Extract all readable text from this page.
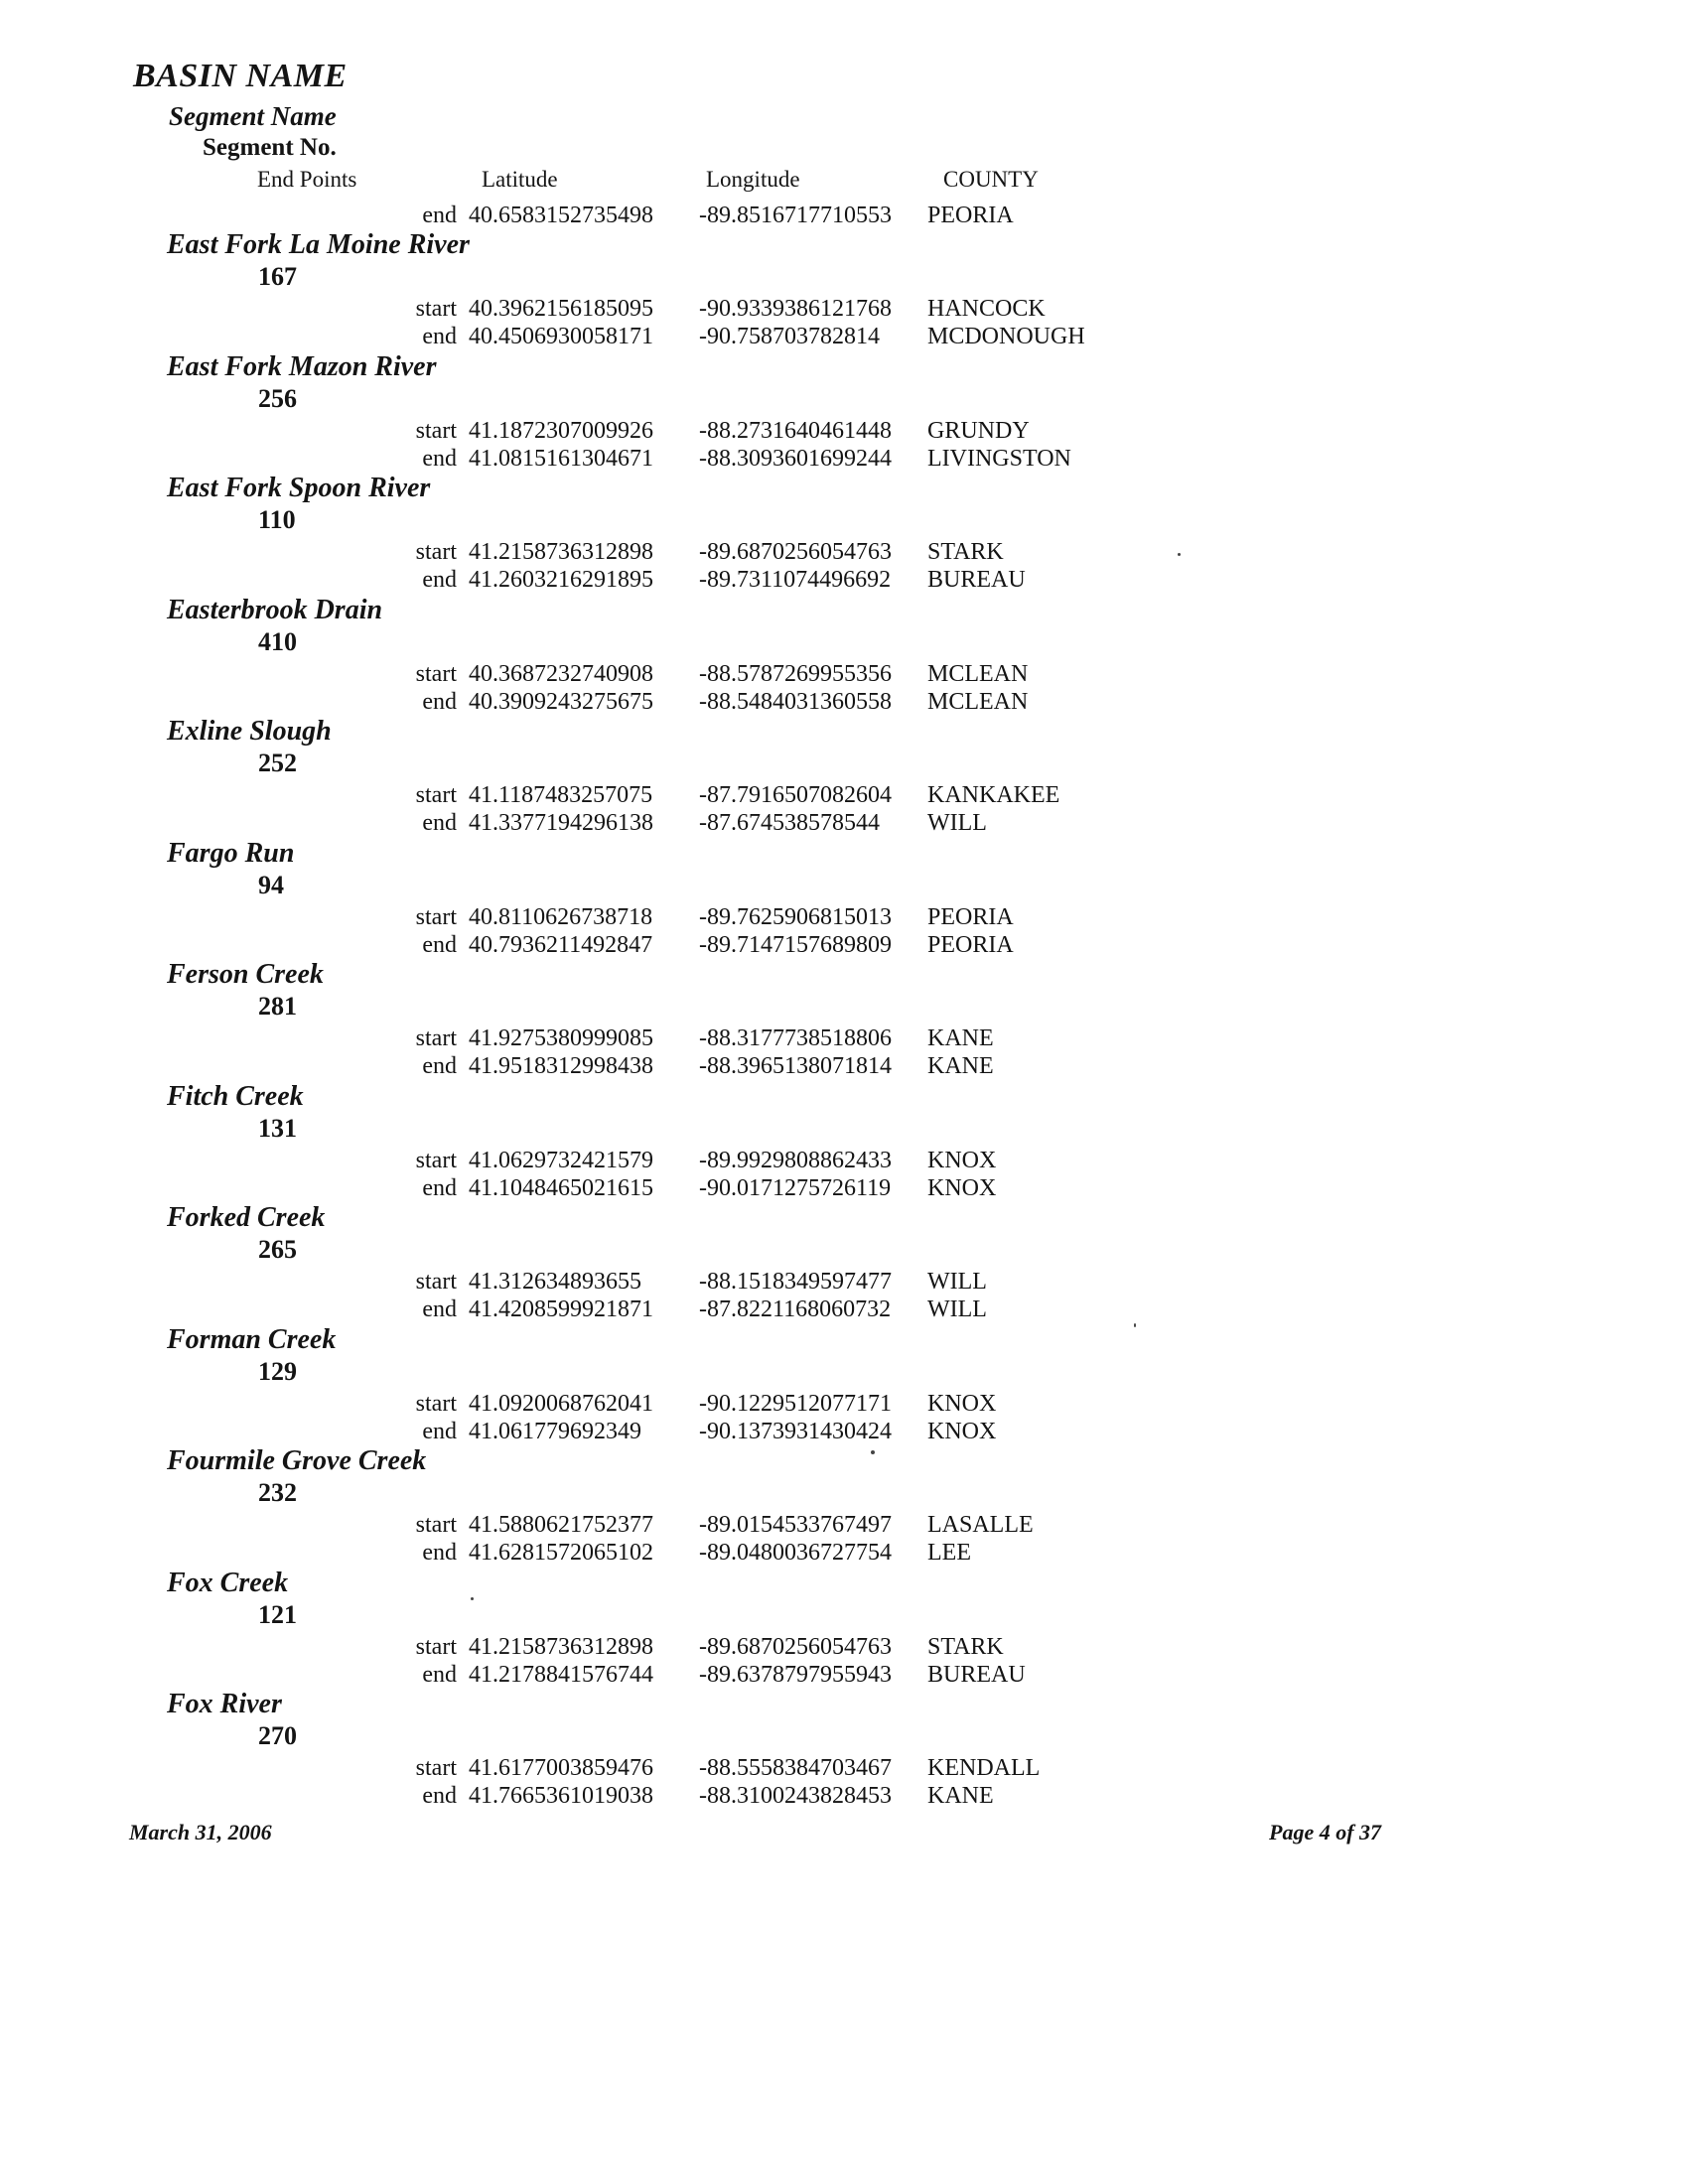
BASIN NAME
Segment Name
Segment No.
End Points	Latitude	Longitude	COUNTY
end 40.6583152735498 -89.8516717710553 PEORIA
East Fork La Moine River
167
start 40.3962156185095 -90.9339386121768 HANCOCK
end 40.4506930058171 -90.758703782814 MCDONOUGH
East Fork Mazon River
256
start 41.1872307009926 -88.2731640461448 GRUNDY
end 41.0815161304671 -88.3093601699244 LIVINGSTON
East Fork Spoon River
110
start 41.2158736312898 -89.6870256054763 STARK
end 41.2603216291895 -89.7311074496692 BUREAU
Easterbrook Drain
410
start 40.3687232740908 -88.5787269955356 MCLEAN
end 40.3909243275675 -88.5484031360558 MCLEAN
Exline Slough
252
start 41.1187483257075 -87.7916507082604 KANKAKEE
end 41.3377194296138 -87.674538578544 WILL
Fargo Run
94
start 40.8110626738718 -89.7625906815013 PEORIA
end 40.7936211492847 -89.7147157689809 PEORIA
Ferson Creek
281
start 41.9275380999085 -88.3177738518806 KANE
end 41.9518312998438 -88.3965138071814 KANE
Fitch Creek
131
start 41.0629732421579 -89.9929808862433 KNOX
end 41.1048465021615 -90.0171275726119 KNOX
Forked Creek
265
start 41.312634893655 -88.1518349597477 WILL
end 41.4208599921871 -87.8221168060732 WILL
Forman Creek
129
start 41.0920068762041 -90.1229512077171 KNOX
end 41.061779692349 -90.1373931430424 KNOX
Fourmile Grove Creek
232
start 41.5880621752377 -89.0154533767497 LASALLE
end 41.6281572065102 -89.0480036727754 LEE
Fox Creek
121
start 41.2158736312898 -89.6870256054763 STARK
end 41.2178841576744 -89.6378797955943 BUREAU
Fox River
270
start 41.6177003859476 -88.5558384703467 KENDALL
end 41.7665361019038 -88.3100243828453 KANE
March 31, 2006	Page 4 of 37
